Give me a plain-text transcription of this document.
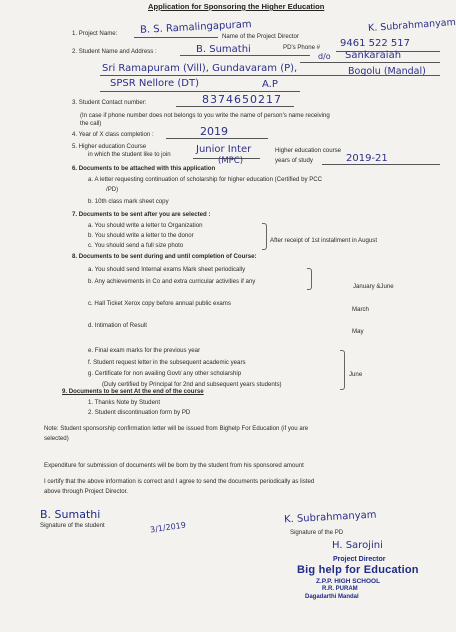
Application for Sponsoring the Higher Education
1. Project Name: B. S. Ramalingapuram
Name of the Project Director
K. Subrahmanyam
PD's Phone # 9461 522 517
2. Student Name and Address :	B. Sumathi
d/o Sankaraiah
Sri Ramapuram (Vill), Gundavaram (P),	Bogolu (Mandal)
SPSR Nellore (DT)	A.P
3. Student Contact number:	8374650217
(In case if phone number does not belongs to you write the name of person's name receiving
the call)
4. Year of X class completion :	2019
5. Higher education Course
in which the student like to join	Junior Inter
(MPC)
Higher education course
years of study	2019-21
6. Documents to be attached with this application
a. A letter requesting continuation of scholarship for higher education (Certified by PCC
/PD)
b. 10th class mark sheet copy
7. Documents to be sent after you are selected :
a. You should write a letter to Organization
b. You should write a letter to the donor
c. You should send a full size photo
After receipt of 1st installment in August
8. Documents to be sent during and until completion of Course:
a. You should send Internal exams Mark sheet periodically
b. Any achievements in Co and extra curricular activities if any
January &June
c. Hall Ticket Xerox copy before annual public exams
March
d. Intimation of Result
May
e. Final exam marks for the previous year
f. Student request letter in the subsequent academic years
g. Certificate for non availing Govt/ any other scholarship
(Duly certified by Principal for 2nd and subsequent years students)
June
9. Documents to be sent At the end of the course
1. Thanks Note by Student
2. Student discontinuation form by PD
Note: Student sponsorship confirmation letter will be issued from Bighelp For Education (if you are
selected)
Expenditure for submission of documents will be born by the student from his sponsored amount
I certify that the above information is correct and I agree to send the documents periodically as listed
above through Project Director.
B. Sumathi
Signature of the student	3/1/2019
K. Subrahmanyam
Signature of the PD
H. Sarojini
Project Director
Big help for Education
Z.P.P. HIGH SCHOOL
R.R. PURAM
Dagadarthi Mandal
